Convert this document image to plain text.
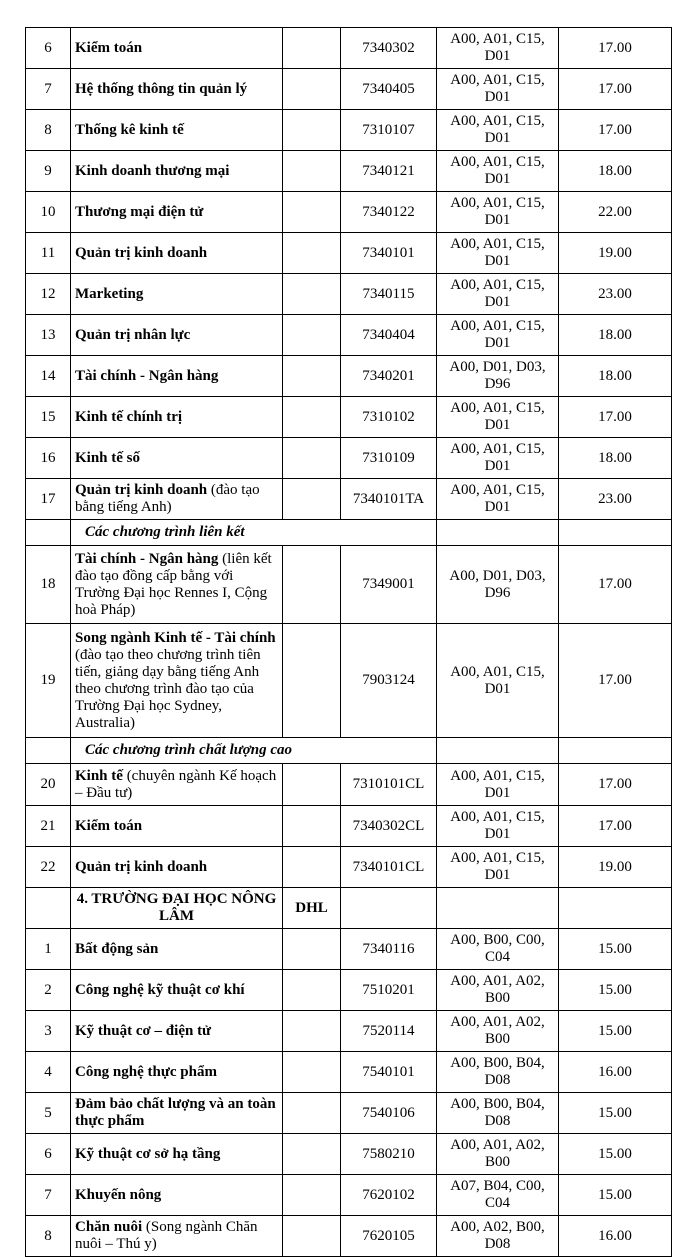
6	Kiểm toán		7340302	A00, A01, C15, D01	17.00
7	Hệ thống thông tin quản lý		7340405	A00, A01, C15, D01	17.00
8	Thống kê kinh tế		7310107	A00, A01, C15, D01	17.00
9	Kinh doanh thương mại		7340121	A00, A01, C15, D01	18.00
10	Thương mại điện tử		7340122	A00, A01, C15, D01	22.00
11	Quản trị kinh doanh		7340101	A00, A01, C15, D01	19.00
12	Marketing		7340115	A00, A01, C15, D01	23.00
13	Quản trị nhân lực		7340404	A00, A01, C15, D01	18.00
14	Tài chính - Ngân hàng		7340201	A00, D01, D03, D96	18.00
15	Kinh tế chính trị		7310102	A00, A01, C15, D01	17.00
16	Kinh tế số		7310109	A00, A01, C15, D01	18.00
17	Quản trị kinh doanh (đào tạo bằng tiếng Anh)		7340101TA	A00, A01, C15, D01	23.00
	Các chương trình liên kết				
18	Tài chính - Ngân hàng (liên kết đào tạo đồng cấp bằng với Trường Đại học Rennes I, Cộng hoà Pháp)		7349001	A00, D01, D03, D96	17.00
19	Song ngành Kinh tế - Tài chính (đào tạo theo chương trình tiên tiến, giảng dạy bằng tiếng Anh theo chương trình đào tạo của Trường Đại học Sydney, Australia)		7903124	A00, A01, C15, D01	17.00
	Các chương trình chất lượng cao				
20	Kinh tế (chuyên ngành Kế hoạch – Đầu tư)		7310101CL	A00, A01, C15, D01	17.00
21	Kiểm toán		7340302CL	A00, A01, C15, D01	17.00
22	Quản trị kinh doanh		7340101CL	A00, A01, C15, D01	19.00
	4. TRƯỜNG ĐẠI HỌC NÔNG LÂM	DHL			
1	Bất động sản		7340116	A00, B00, C00, C04	15.00
2	Công nghệ kỹ thuật cơ khí		7510201	A00, A01, A02, B00	15.00
3	Kỹ thuật cơ – điện tử		7520114	A00, A01, A02, B00	15.00
4	Công nghệ thực phẩm		7540101	A00, B00, B04, D08	16.00
5	Đảm bảo chất lượng và an toàn thực phẩm		7540106	A00, B00, B04, D08	15.00
6	Kỹ thuật cơ sở hạ tầng		7580210	A00, A01, A02, B00	15.00
7	Khuyến nông		7620102	A07, B04, C00, C04	15.00
8	Chăn nuôi (Song ngành Chăn nuôi – Thú y)		7620105	A00, A02, B00, D08	16.00
